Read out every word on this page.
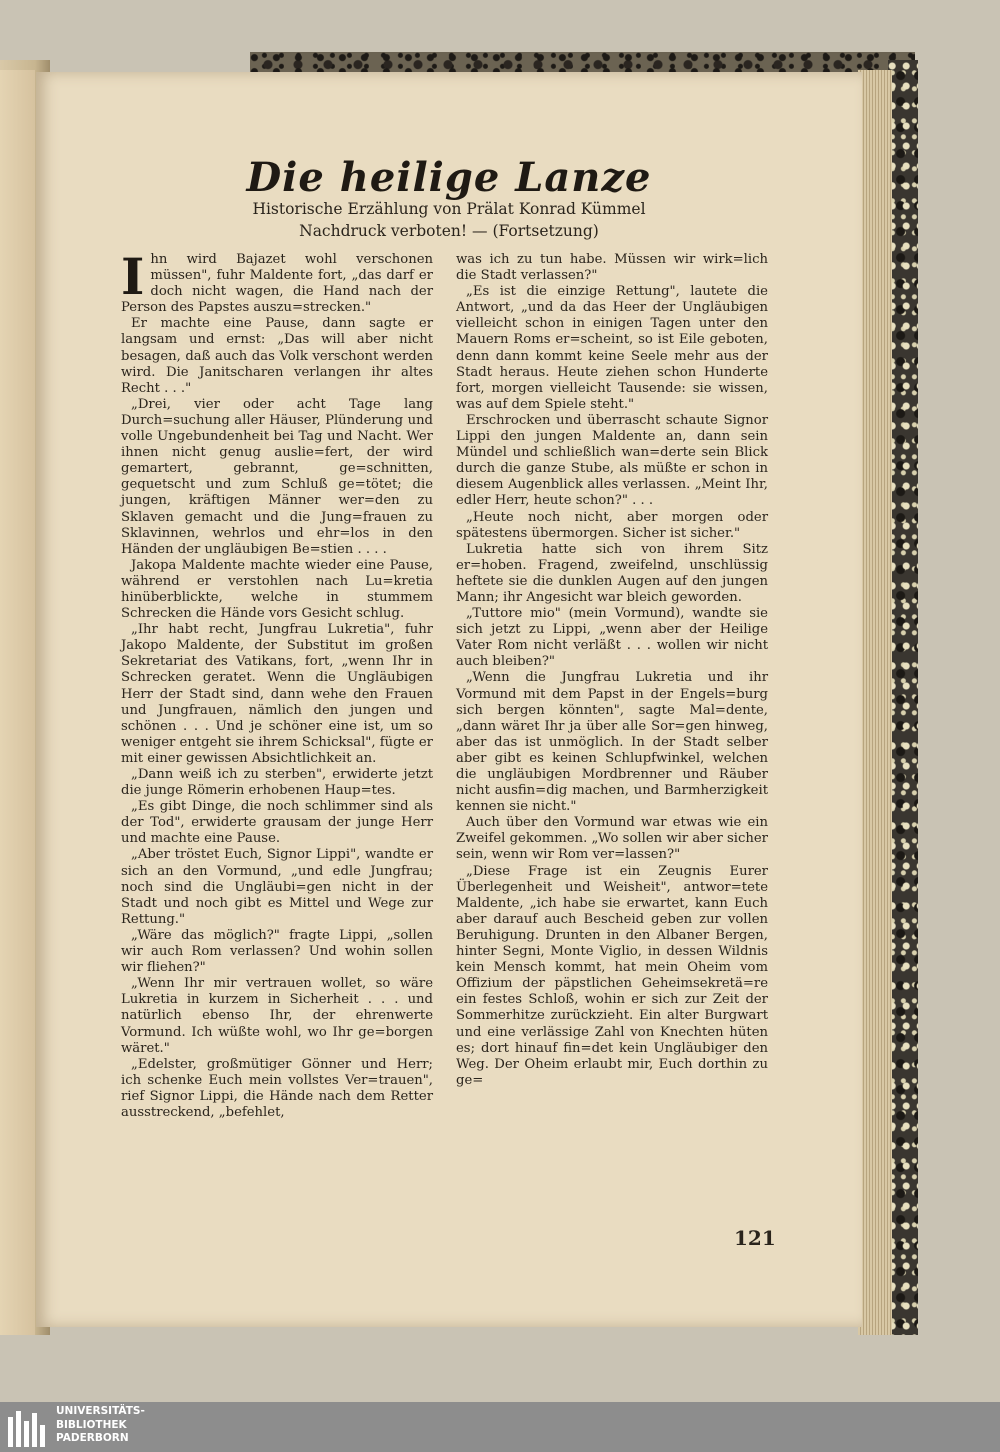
Die heilige Lanze
Historische Erzählung von Prälat Konrad Kümmel
Nachdruck verboten! — (Fortsetzung)

Ihn wird Bajazet wohl verschonen müssen", fuhr Maldente fort, „das darf er doch nicht wagen, die Hand nach der Person des Papstes auszu=strecken."

Er machte eine Pause, dann sagte er langsam und ernst: „Das will aber nicht besagen, daß auch das Volk verschont werden wird. Die Janitscharen verlangen ihr altes Recht . . ."

„Drei, vier oder acht Tage lang Durch=suchung aller Häuser, Plünderung und volle Ungebundenheit bei Tag und Nacht. Wer ihnen nicht genug auslie=fert, der wird gemartert, gebrannt, ge=schnitten, gequetscht und zum Schluß ge=tötet; die jungen, kräftigen Männer wer=den zu Sklaven gemacht und die Jung=frauen zu Sklavinnen, wehrlos und ehr=los in den Händen der ungläubigen Be=stien . . . .

Jakopa Maldente machte wieder eine Pause, während er verstohlen nach Lu=kretia hinüberblickte, welche in stummem Schrecken die Hände vors Gesicht schlug.

„Ihr habt recht, Jungfrau Lukretia", fuhr Jakopo Maldente, der Substitut im großen Sekretariat des Vatikans, fort, „wenn Ihr in Schrecken geratet. Wenn die Ungläubigen Herr der Stadt sind, dann wehe den Frauen und Jungfrauen, nämlich den jungen und schönen . . . Und je schöner eine ist, um so weniger entgeht sie ihrem Schicksal", fügte er mit einer gewissen Absichtlichkeit an.

„Dann weiß ich zu sterben", erwiderte jetzt die junge Römerin erhobenen Haup=tes.

„Es gibt Dinge, die noch schlimmer sind als der Tod", erwiderte grausam der junge Herr und machte eine Pause.

„Aber tröstet Euch, Signor Lippi", wandte er sich an den Vormund, „und edle Jungfrau; noch sind die Ungläubi=gen nicht in der Stadt und noch gibt es Mittel und Wege zur Rettung."

„Wäre das möglich?" fragte Lippi, „sollen wir auch Rom verlassen? Und wohin sollen wir fliehen?"

„Wenn Ihr mir vertrauen wollet, so wäre Lukretia in kurzem in Sicherheit . . . und natürlich ebenso Ihr, der ehrenwerte Vormund. Ich wüßte wohl, wo Ihr ge=borgen wäret."

„Edelster, großmütiger Gönner und Herr; ich schenke Euch mein vollstes Ver=trauen", rief Signor Lippi, die Hände nach dem Retter ausstreckend, „befehlet,

was ich zu tun habe. Müssen wir wirk=lich die Stadt verlassen?"

„Es ist die einzige Rettung", lautete die Antwort, „und da das Heer der Ungläubigen vielleicht schon in einigen Tagen unter den Mauern Roms er=scheint, so ist Eile geboten, denn dann kommt keine Seele mehr aus der Stadt heraus. Heute ziehen schon Hunderte fort, morgen vielleicht Tausende: sie wissen, was auf dem Spiele steht."

Erschrocken und überrascht schaute Signor Lippi den jungen Maldente an, dann sein Mündel und schließlich wan=derte sein Blick durch die ganze Stube, als müßte er schon in diesem Augenblick alles verlassen. „Meint Ihr, edler Herr, heute schon?" . . .

„Heute noch nicht, aber morgen oder spätestens übermorgen. Sicher ist sicher."

Lukretia hatte sich von ihrem Sitz er=hoben. Fragend, zweifelnd, unschlüssig heftete sie die dunklen Augen auf den jungen Mann; ihr Angesicht war bleich geworden.

„Tuttore mio" (mein Vormund), wandte sie sich jetzt zu Lippi, „wenn aber der Heilige Vater Rom nicht verläßt . . . wollen wir nicht auch bleiben?"

„Wenn die Jungfrau Lukretia und ihr Vormund mit dem Papst in der Engels=burg sich bergen könnten", sagte Mal=dente, „dann wäret Ihr ja über alle Sor=gen hinweg, aber das ist unmöglich. In der Stadt selber aber gibt es keinen Schlupfwinkel, welchen die ungläubigen Mordbrenner und Räuber nicht ausfin=dig machen, und Barmherzigkeit kennen sie nicht."

Auch über den Vormund war etwas wie ein Zweifel gekommen. „Wo sollen wir aber sicher sein, wenn wir Rom ver=lassen?"

„Diese Frage ist ein Zeugnis Eurer Überlegenheit und Weisheit", antwor=tete Maldente, „ich habe sie erwartet, kann Euch aber darauf auch Bescheid geben zur vollen Beruhigung. Drunten in den Albaner Bergen, hinter Segni, Monte Viglio, in dessen Wildnis kein Mensch kommt, hat mein Oheim vom Offizium der päpstlichen Geheimsekretä=re ein festes Schloß, wohin er sich zur Zeit der Sommerhitze zurückzieht. Ein alter Burgwart und eine verlässige Zahl von Knechten hüten es; dort hinauf fin=det kein Ungläubiger den Weg. Der Oheim erlaubt mir, Euch dorthin zu ge=

121
UNIVERSITÄTS-
BIBLIOTHEK
PADERBORN
